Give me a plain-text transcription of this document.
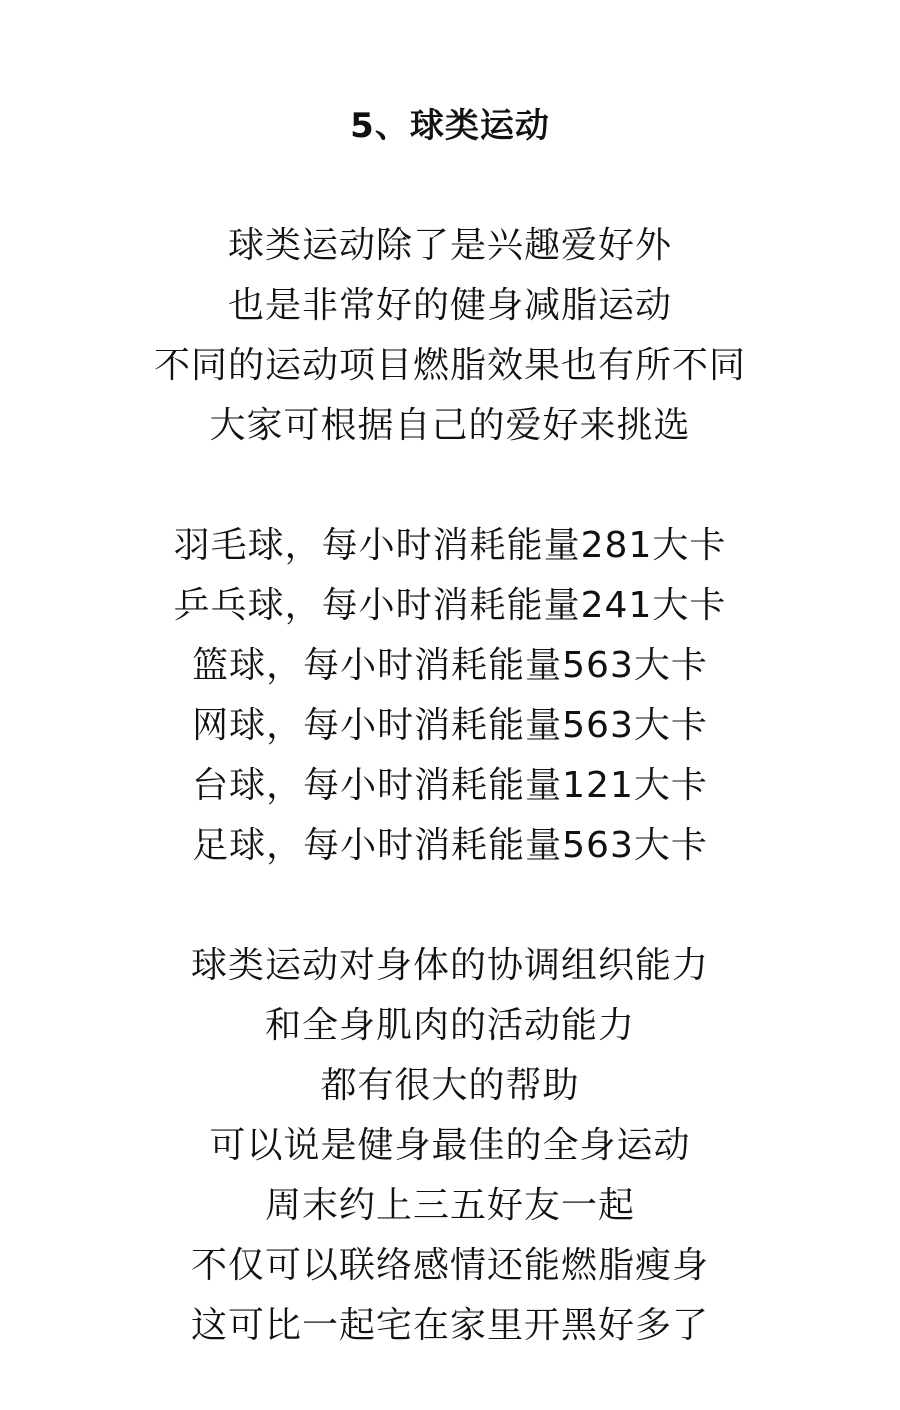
5、球类运动
球类运动除了是兴趣爱好外
也是非常好的健身减脂运动
不同的运动项目燃脂效果也有所不同
大家可根据自己的爱好来挑选
羽毛球，每小时消耗能量281大卡
乒乓球，每小时消耗能量241大卡
篮球，每小时消耗能量563大卡
网球，每小时消耗能量563大卡
台球，每小时消耗能量121大卡
足球，每小时消耗能量563大卡
球类运动对身体的协调组织能力
和全身肌肉的活动能力
都有很大的帮助
可以说是健身最佳的全身运动
周末约上三五好友一起
不仅可以联络感情还能燃脂瘦身
这可比一起宅在家里开黑好多了
